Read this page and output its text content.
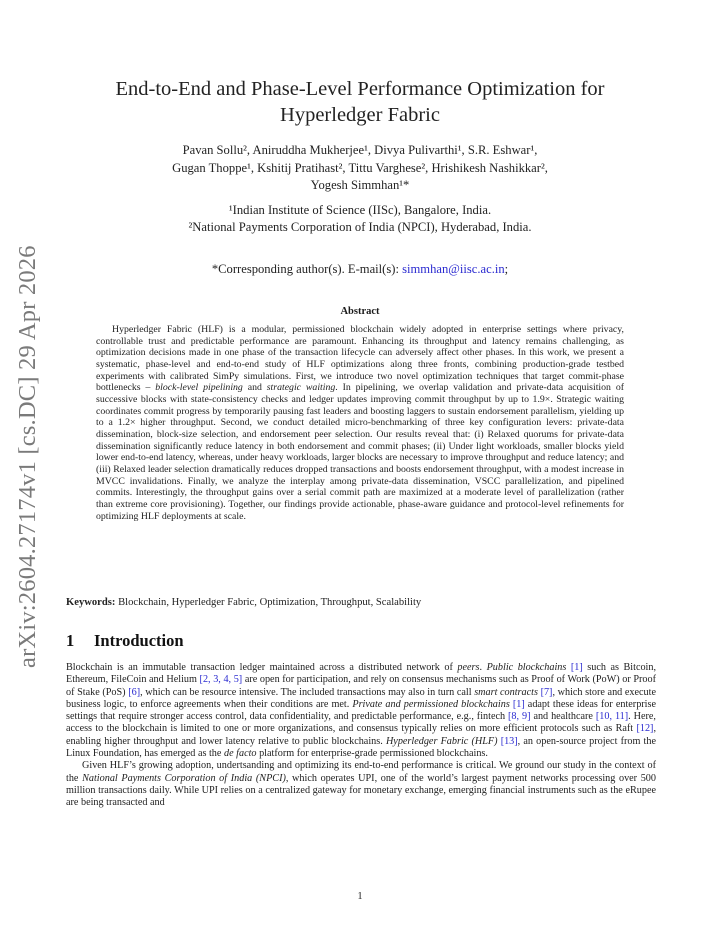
arXiv:2604.27174v1 [cs.DC] 29 Apr 2026
End-to-End and Phase-Level Performance Optimization for
Hyperledger Fabric
Pavan Sollu², Aniruddha Mukherjee¹, Divya Pulivarthi¹, S.R. Eshwar¹,
Gugan Thoppe¹, Kshitij Pratihast², Tittu Varghese², Hrishikesh Nashikkar²,
Yogesh Simmhan¹*
¹Indian Institute of Science (IISc), Bangalore, India.
²National Payments Corporation of India (NPCI), Hyderabad, India.
*Corresponding author(s). E-mail(s): simmhan@iisc.ac.in;
Abstract
Hyperledger Fabric (HLF) is a modular, permissioned blockchain widely adopted in enterprise settings where privacy, controllable trust and predictable performance are paramount. Enhancing its throughput and latency remains challenging, as optimization decisions made in one phase of the transaction lifecycle can adversely affect other phases. In this work, we present a systematic, phase-level and end-to-end study of HLF optimizations along three fronts, combining production-grade testbed experiments with calibrated SimPy simulations. First, we introduce two novel optimization techniques that target commit-phase bottlenecks – block-level pipelining and strategic waiting. In pipelining, we overlap validation and private-data acquisition of successive blocks with state-consistency checks and ledger updates improving commit throughput by up to 1.9×. Strategic waiting coordinates commit progress by temporarily pausing fast leaders and boosting laggers to sustain endorsement parallelism, yielding up to a 1.2× higher throughput. Second, we conduct detailed micro-benchmarking of three key configuration levers: private-data dissemination, block-size selection, and endorsement peer selection. Our results reveal that: (i) Relaxed quorums for private-data dissemination significantly reduce latency in both endorsement and commit phases; (ii) Under light workloads, smaller blocks yield lower end-to-end latency, whereas, under heavy workloads, larger blocks are necessary to improve throughput and reduce latency; and (iii) Relaxed leader selection dramatically reduces dropped transactions and boosts endorsement throughput, with a modest increase in MVCC invalidations. Finally, we analyze the interplay among private-data dissemination, VSCC parallelization, and pipelined commits. Interestingly, the throughput gains over a serial commit path are maximized at a moderate level of parallelization (rather than extreme core provisioning). Together, our findings provide actionable, phase-aware guidance and protocol-level refinements for optimizing HLF deployments at scale.
Keywords: Blockchain, Hyperledger Fabric, Optimization, Throughput, Scalability
1 Introduction

Blockchain is an immutable transaction ledger maintained across a distributed network of peers. Public blockchains [1] such as Bitcoin, Ethereum, FileCoin and Helium [2, 3, 4, 5] are open for participation, and rely on consensus mechanisms such as Proof of Work (PoW) or Proof of Stake (PoS) [6], which can be resource intensive. The included transactions may also in turn call smart contracts [7], which store and execute business logic, to enforce agreements when their conditions are met. Private and permissioned blockchains [1] adapt these ideas for enterprise settings that require stronger access control, data confidentiality, and predictable performance, e.g., fintech [8, 9] and healthcare [10, 11]. Here, access to the blockchain is limited to one or more organizations, and consensus typically relies on more efficient protocols such as Raft [12], enabling higher throughput and lower latency relative to public blockchains. Hyperledger Fabric (HLF) [13], an open-source project from the Linux Foundation, has emerged as the de facto platform for enterprise-grade permissioned blockchains.

Given HLF’s growing adoption, undertsanding and optimizing its end-to-end performance is critical. We ground our study in the context of the National Payments Corporation of India (NPCI), which operates UPI, one of the world’s largest payment networks processing over 500 million transactions daily. While UPI relies on a centralized gateway for monetary exchange, emerging financial instruments such as the eRupee are being transacted and

1
